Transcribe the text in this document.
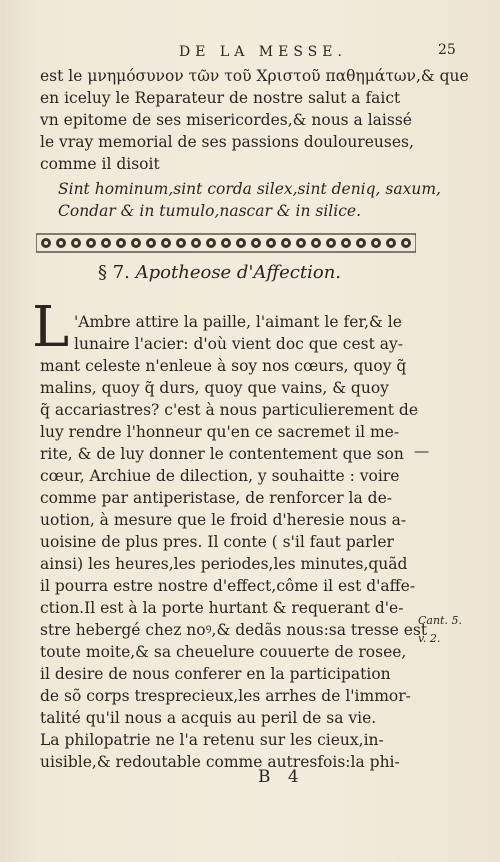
DE LA MESSE.	25
est le μνημόσυνον τῶν τοῦ Χριστοῦ παθημάτων,& que
en iceluy le Reparateur de nostre salut a faict
vn epitome de ses misericordes,& nous a laissé
le vray memorial de ses passions douloureuses,
comme il disoit
Sint hominum,sint corda silex,sint deniq, saxum,
Condar & in tumulo,nascar & in silice.
§ 7. Apotheose d'Affection.
L 'Ambre attire la paille, l'aimant le fer,& le
lunaire l'acier: d'où vient doc que cest ay-
mant celeste n'enleue à soy nos cœurs, quoy q̃
malins, quoy q̃ durs, quoy que vains, & quoy
q̃ accariastres? c'est à nous particulierement de
luy rendre l'honneur qu'en ce sacremet il me-
rite, & de luy donner le contentement que son
cœur, Archiue de dilection, y souhaitte : voire
comme par antiperistase, de renforcer la de-
uotion, à mesure que le froid d'heresie nous a-
uoisine de plus pres. Il conte ( s'il faut parler
ainsi) les heures,les periodes,les minutes,quãd
il pourra estre nostre d'effect,côme il est d'affe-
ction.Il est à la porte hurtant & requerant d'e-
stre hebergé chez noꝰ,& dedãs nous:sa tresse est
toute moite,& sa cheuelure couuerte de rosee,
il desire de nous conferer en la participation
de sõ corps tresprecieux,les arrhes de l'immor-
talité qu'il nous a acquis au peril de sa vie.
La philopatrie ne l'a retenu sur les cieux,in-
uisible,& redoutable comme autresfois:la phi-
Cant. 5.
v. 2.
—
B 4
